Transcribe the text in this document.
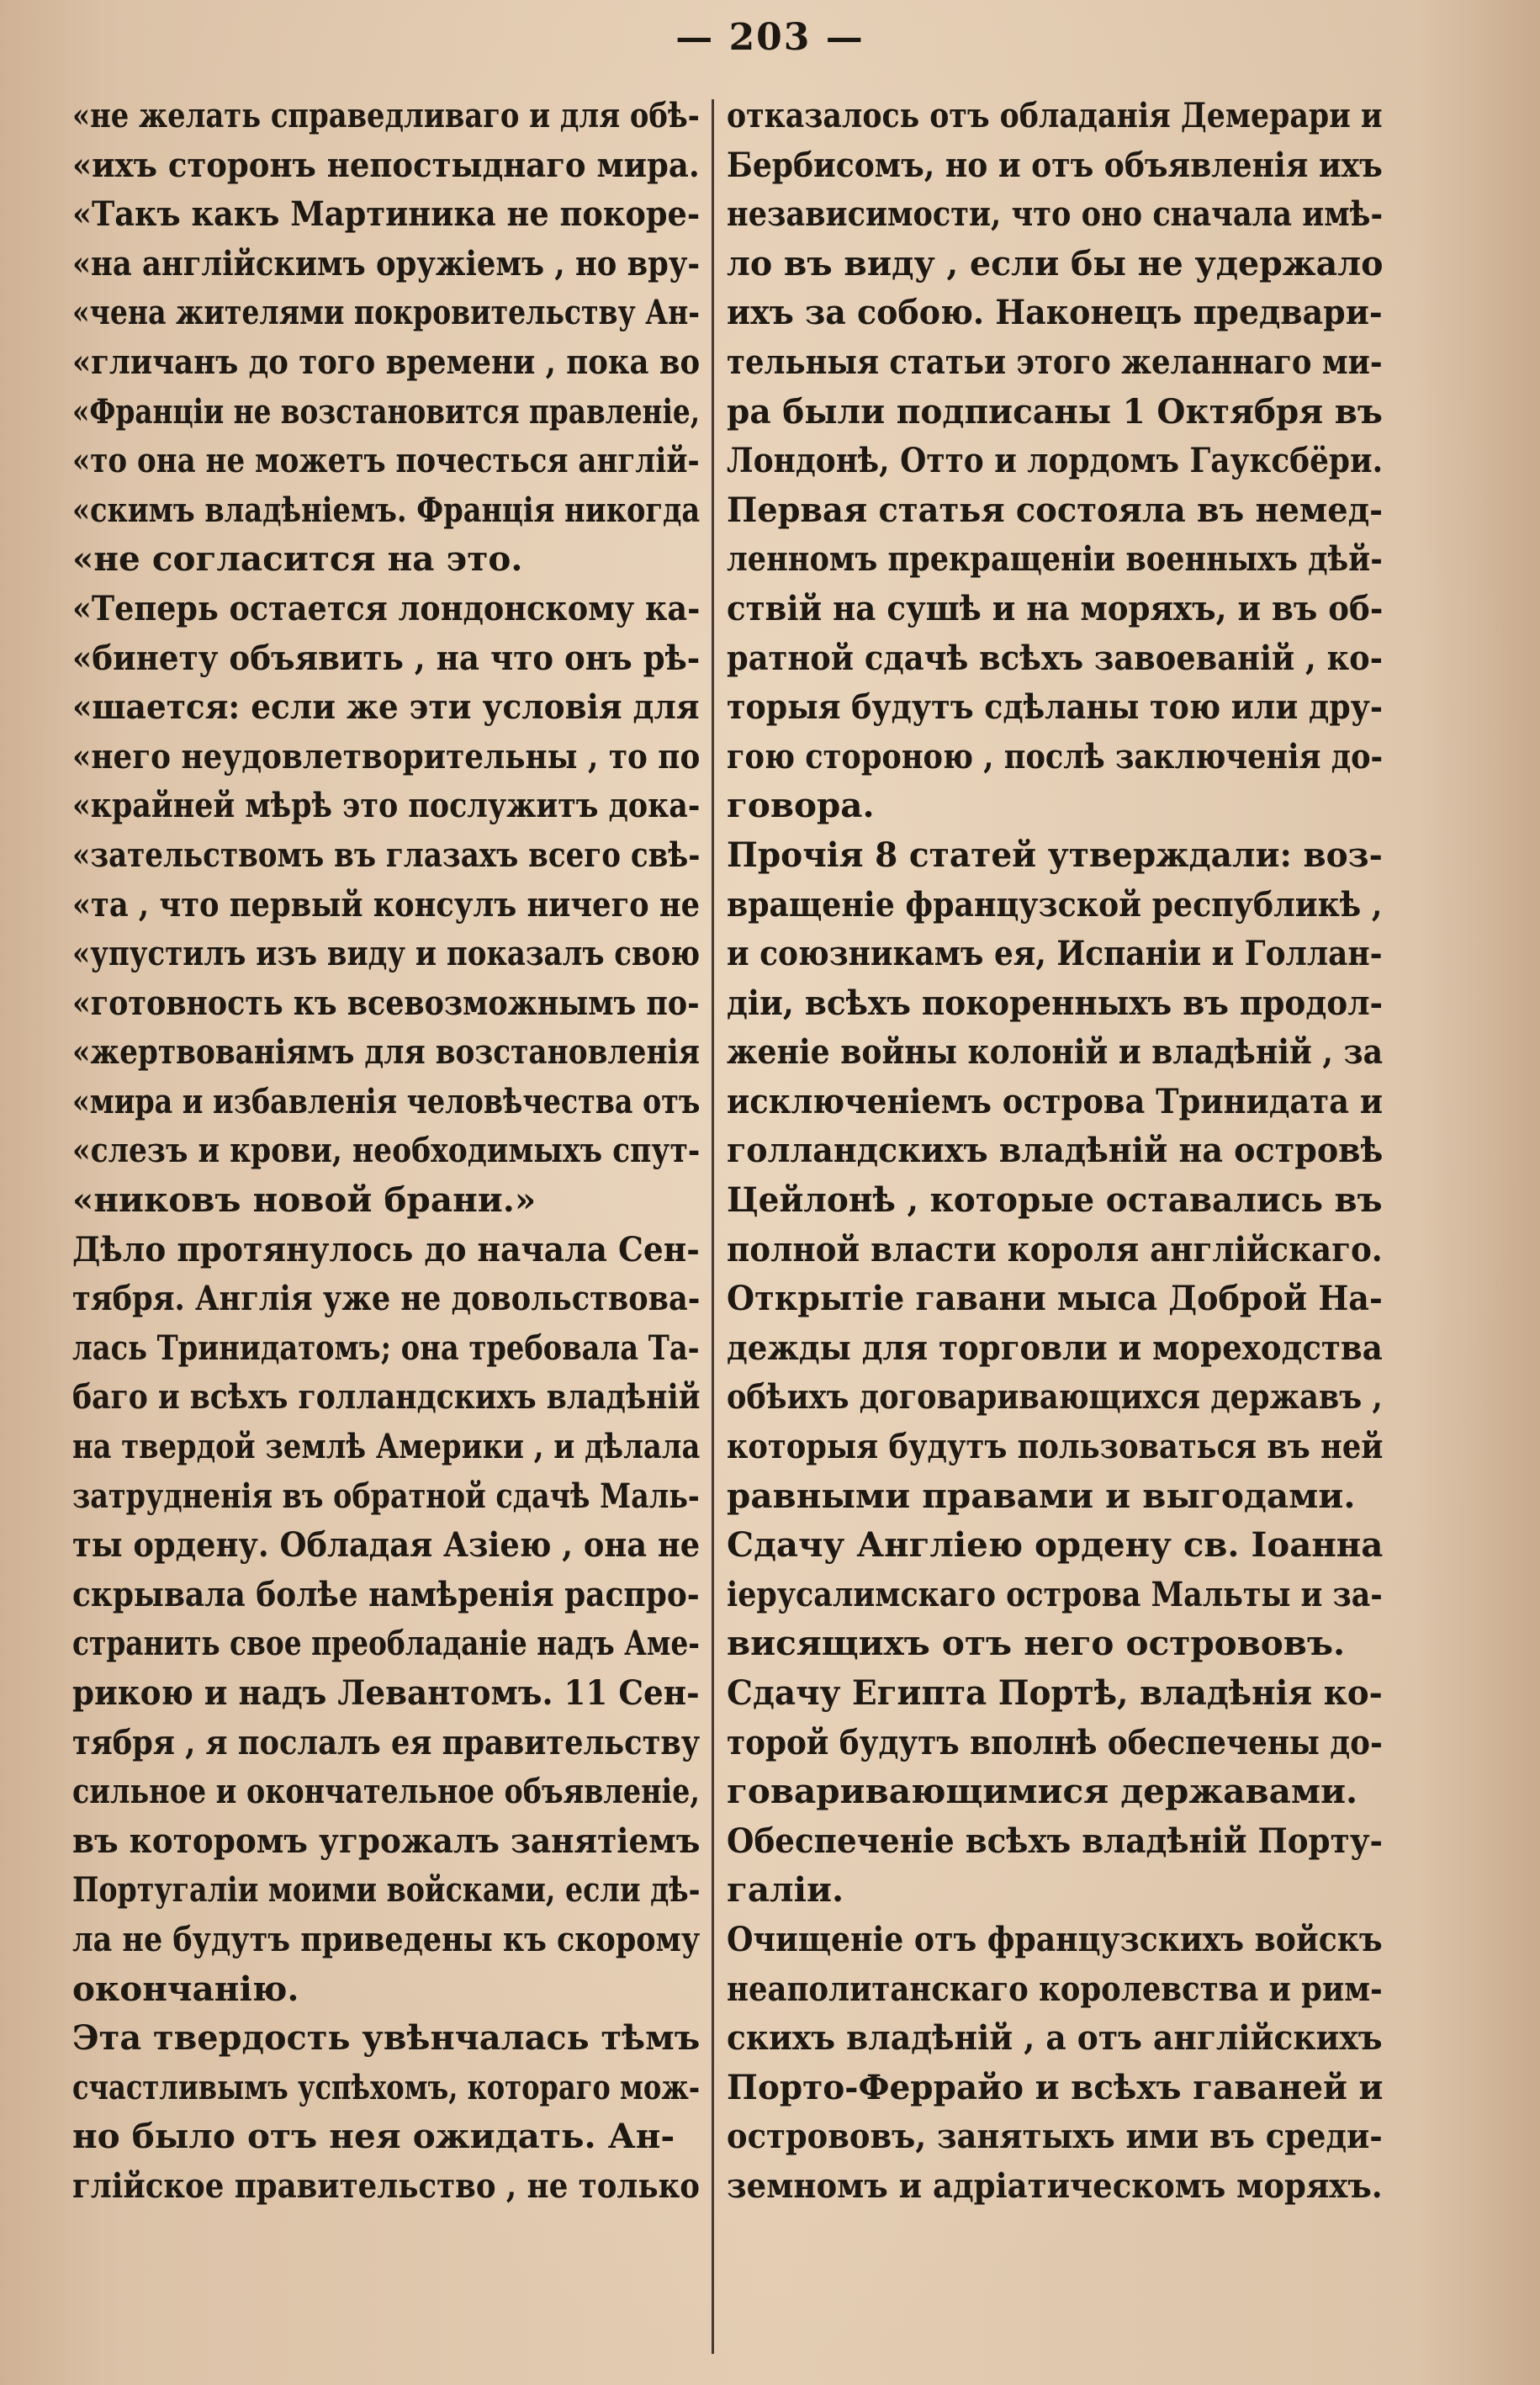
— 203 —
«не желать справедливаго и для обѣ-
«ихъ сторонъ непостыднаго мира.
«Такъ какъ Мартиника не покоре-
«на англійскимъ оружіемъ , но вру-
«чена жителями покровительству Ан-
«гличанъ до того времени , пока во
«Франціи не возстановится правленіе,
«то она не можетъ почесться англій-
«скимъ владѣніемъ. Франція никогда
«не согласится на это.
«Теперь остается лондонскому ка-
«бинету объявить , на что онъ рѣ-
«шается: если же эти условія для
«него неудовлетворительны , то по
«крайней мѣрѣ это послужитъ дока-
«зательствомъ въ глазахъ всего свѣ-
«та , что первый консулъ ничего не
«упустилъ изъ виду и показалъ свою
«готовность къ всевозможнымъ по-
«жертвованіямъ для возстановленія
«мира и избавленія человѣчества отъ
«слезъ и крови, необходимыхъ спут-
«никовъ новой брани.»
Дѣло протянулось до начала Сен-
тября. Англія уже не довольствова-
лась Тринидатомъ; она требовала Та-
баго и всѣхъ голландскихъ владѣній
на твердой землѣ Америки , и дѣлала
затрудненія въ обратной сдачѣ Маль-
ты ордену. Обладая Азіею , она не
скрывала болѣе намѣренія распро-
странить свое преобладаніе надъ Аме-
рикою и надъ Левантомъ. 11 Сен-
тября , я послалъ ея правительству
сильное и окончательное объявленіе,
въ которомъ угрожалъ занятіемъ
Португаліи моими войсками, если дѣ-
ла не будутъ приведены къ скорому
окончанію.
Эта твердость увѣнчалась тѣмъ
счастливымъ успѣхомъ, котораго мож-
но было отъ нея ожидать. Ан-
глійское правительство , не только
отказалось отъ обладанія Демерари и
Бербисомъ, но и отъ объявленія ихъ
независимости, что оно сначала имѣ-
ло въ виду , если бы не удержало
ихъ за собою. Наконецъ предвари-
тельныя статьи этого желаннаго ми-
ра были подписаны 1 Октября въ
Лондонѣ, Отто и лордомъ Гауксбёри.
Первая статья состояла въ немед-
ленномъ прекращеніи военныхъ дѣй-
ствій на сушѣ и на моряхъ, и въ об-
ратной сдачѣ всѣхъ завоеваній , ко-
торыя будутъ сдѣланы тою или дру-
гою стороною , послѣ заключенія до-
говора.
Прочія 8 статей утверждали: воз-
вращеніе французской республикѣ ,
и союзникамъ ея, Испаніи и Голлан-
діи, всѣхъ покоренныхъ въ продол-
женіе войны колоній и владѣній , за
исключеніемъ острова Тринидата и
голландскихъ владѣній на островѣ
Цейлонѣ , которые оставались въ
полной власти короля англійскаго.
Открытіе гавани мыса Доброй На-
дежды для торговли и мореходства
обѣихъ договаривающихся державъ ,
которыя будутъ пользоваться въ ней
равными правами и выгодами.
Сдачу Англіею ордену св. Іоанна
іерусалимскаго острова Мальты и за-
висящихъ отъ него острововъ.
Сдачу Египта Портѣ, владѣнія ко-
торой будутъ вполнѣ обеспечены до-
говаривающимися державами.
Обеспеченіе всѣхъ владѣній Порту-
галіи.
Очищеніе отъ французскихъ войскъ
неаполитанскаго королевства и рим-
скихъ владѣній , а отъ англійскихъ
Порто-Феррайо и всѣхъ гаваней и
острововъ, занятыхъ ими въ среди-
земномъ и адріатическомъ моряхъ.
